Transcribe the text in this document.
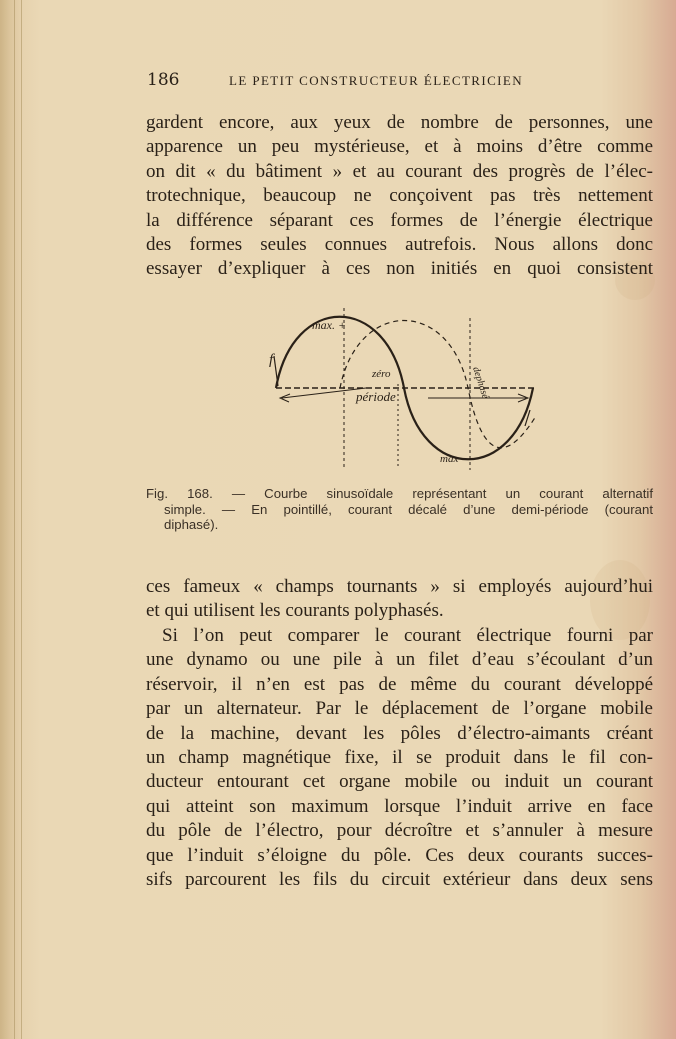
186	LE PETIT CONSTRUCTEUR ÉLECTRICIEN
gardent encore, aux yeux de nombre de personnes, une
apparence un peu mystérieuse, et à moins d’être comme
on dit « du bâtiment » et au courant des progrès de l’élec-
trotechnique, beaucoup ne conçoivent pas très nettement
la différence séparant ces formes de l’énergie électrique
des formes seules connues autrefois. Nous allons donc
essayer d’expliquer à ces non initiés en quoi consistent
max. +
zéro
période
max —
f
dephasé
Fig. 168. — Courbe sinusoïdale représentant un courant alternatif
simple. — En pointillé, courant décalé d’une demi-période (courant
diphasé).
ces fameux « champs tournants » si employés aujourd’hui
et qui utilisent les courants polyphasés.
Si l’on peut comparer le courant électrique fourni par
une dynamo ou une pile à un filet d’eau s’écoulant d’un
réservoir, il n’en est pas de même du courant développé
par un alternateur. Par le déplacement de l’organe mobile
de la machine, devant les pôles d’électro-aimants créant
un champ magnétique fixe, il se produit dans le fil con-
ducteur entourant cet organe mobile ou induit un courant
qui atteint son maximum lorsque l’induit arrive en face
du pôle de l’électro, pour décroître et s’annuler à mesure
que l’induit s’éloigne du pôle. Ces deux courants succes-
sifs parcourent les fils du circuit extérieur dans deux sens
